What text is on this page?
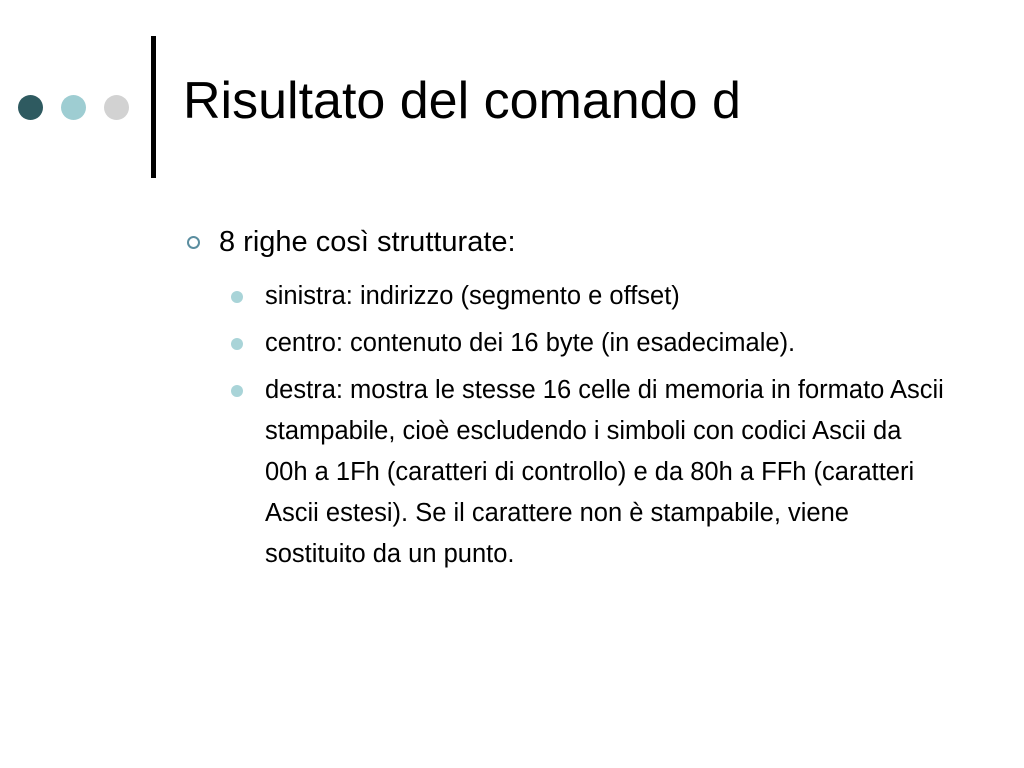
Risultato del comando d
8 righe così strutturate:
sinistra: indirizzo (segmento e offset)
centro: contenuto dei 16 byte (in esadecimale).
destra: mostra le stesse 16 celle di memoria in formato Ascii stampabile, cioè escludendo i simboli con codici Ascii da 00h a 1Fh (caratteri di controllo) e da 80h a FFh (caratteri Ascii estesi). Se il carattere non è stampabile, viene sostituito da un punto.
